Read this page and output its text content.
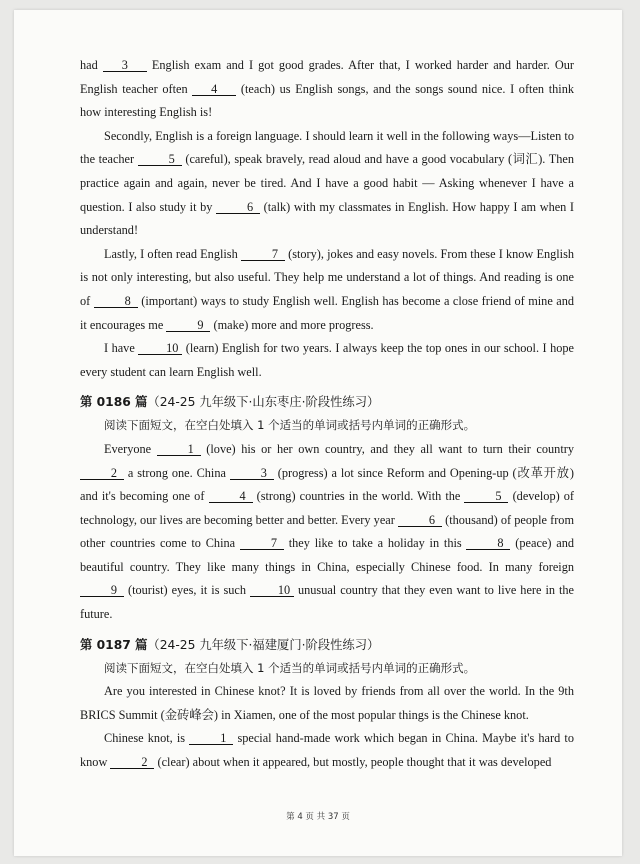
had 3 English exam and I got good grades. After that, I worked harder and harder. Our English teacher often 4 (teach) us English songs, and the songs sound nice. I often think how interesting English is!

Secondly, English is a foreign language. I should learn it well in the following ways—Listen to the teacher	5 (careful), speak bravely, read aloud and have a good vocabulary (词汇). Then practice again and again, never be tired. And I have a good habit — Asking whenever I have a question. I also study it by	6 (talk) with my classmates in English. How happy I am when I understand!

Lastly, I often read English	7 (story), jokes and easy novels. From these I know English is not only interesting, but also useful. They help me understand a lot of things. And reading is one of	8 (important) ways to study English well. English has become a close friend of mine and it encourages me	9 (make) more and more progress.

I have	10 (learn) English for two years. I always keep the top ones in our school. I hope every student can learn English well.

第 0186 篇（24-25 九年级下·山东枣庄·阶段性练习）

阅读下面短文，在空白处填入 1 个适当的单词或括号内单词的正确形式。

Everyone	1 (love) his or her own country, and they all want to turn their country 2 a strong one. China	3 (progress) a lot since Reform and Opening-up (改革开放) and it's becoming one of	4 (strong) countries in the world. With the	5 (develop) of technology, our lives are becoming better and better. Every year	6 (thousand) of people from other countries come to China	7 they like to take a holiday in this	8 (peace) and beautiful country. They like many things in China, especially Chinese food. In many foreign 9 (tourist) eyes, it is such	10 unusual country that they even want to live here in the future.

第 0187 篇（24-25 九年级下·福建厦门·阶段性练习）

阅读下面短文，在空白处填入 1 个适当的单词或括号内单词的正确形式。

Are you interested in Chinese knot? It is loved by friends from all over the world. In the 9th BRICS Summit (金砖峰会) in Xiamen, one of the most popular things is the Chinese knot.

Chinese knot, is	1 special hand-made work which began in China. Maybe it's hard to know	2 (clear) about when it appeared, but mostly, people thought that it was developed

第 4 页 共 37 页
